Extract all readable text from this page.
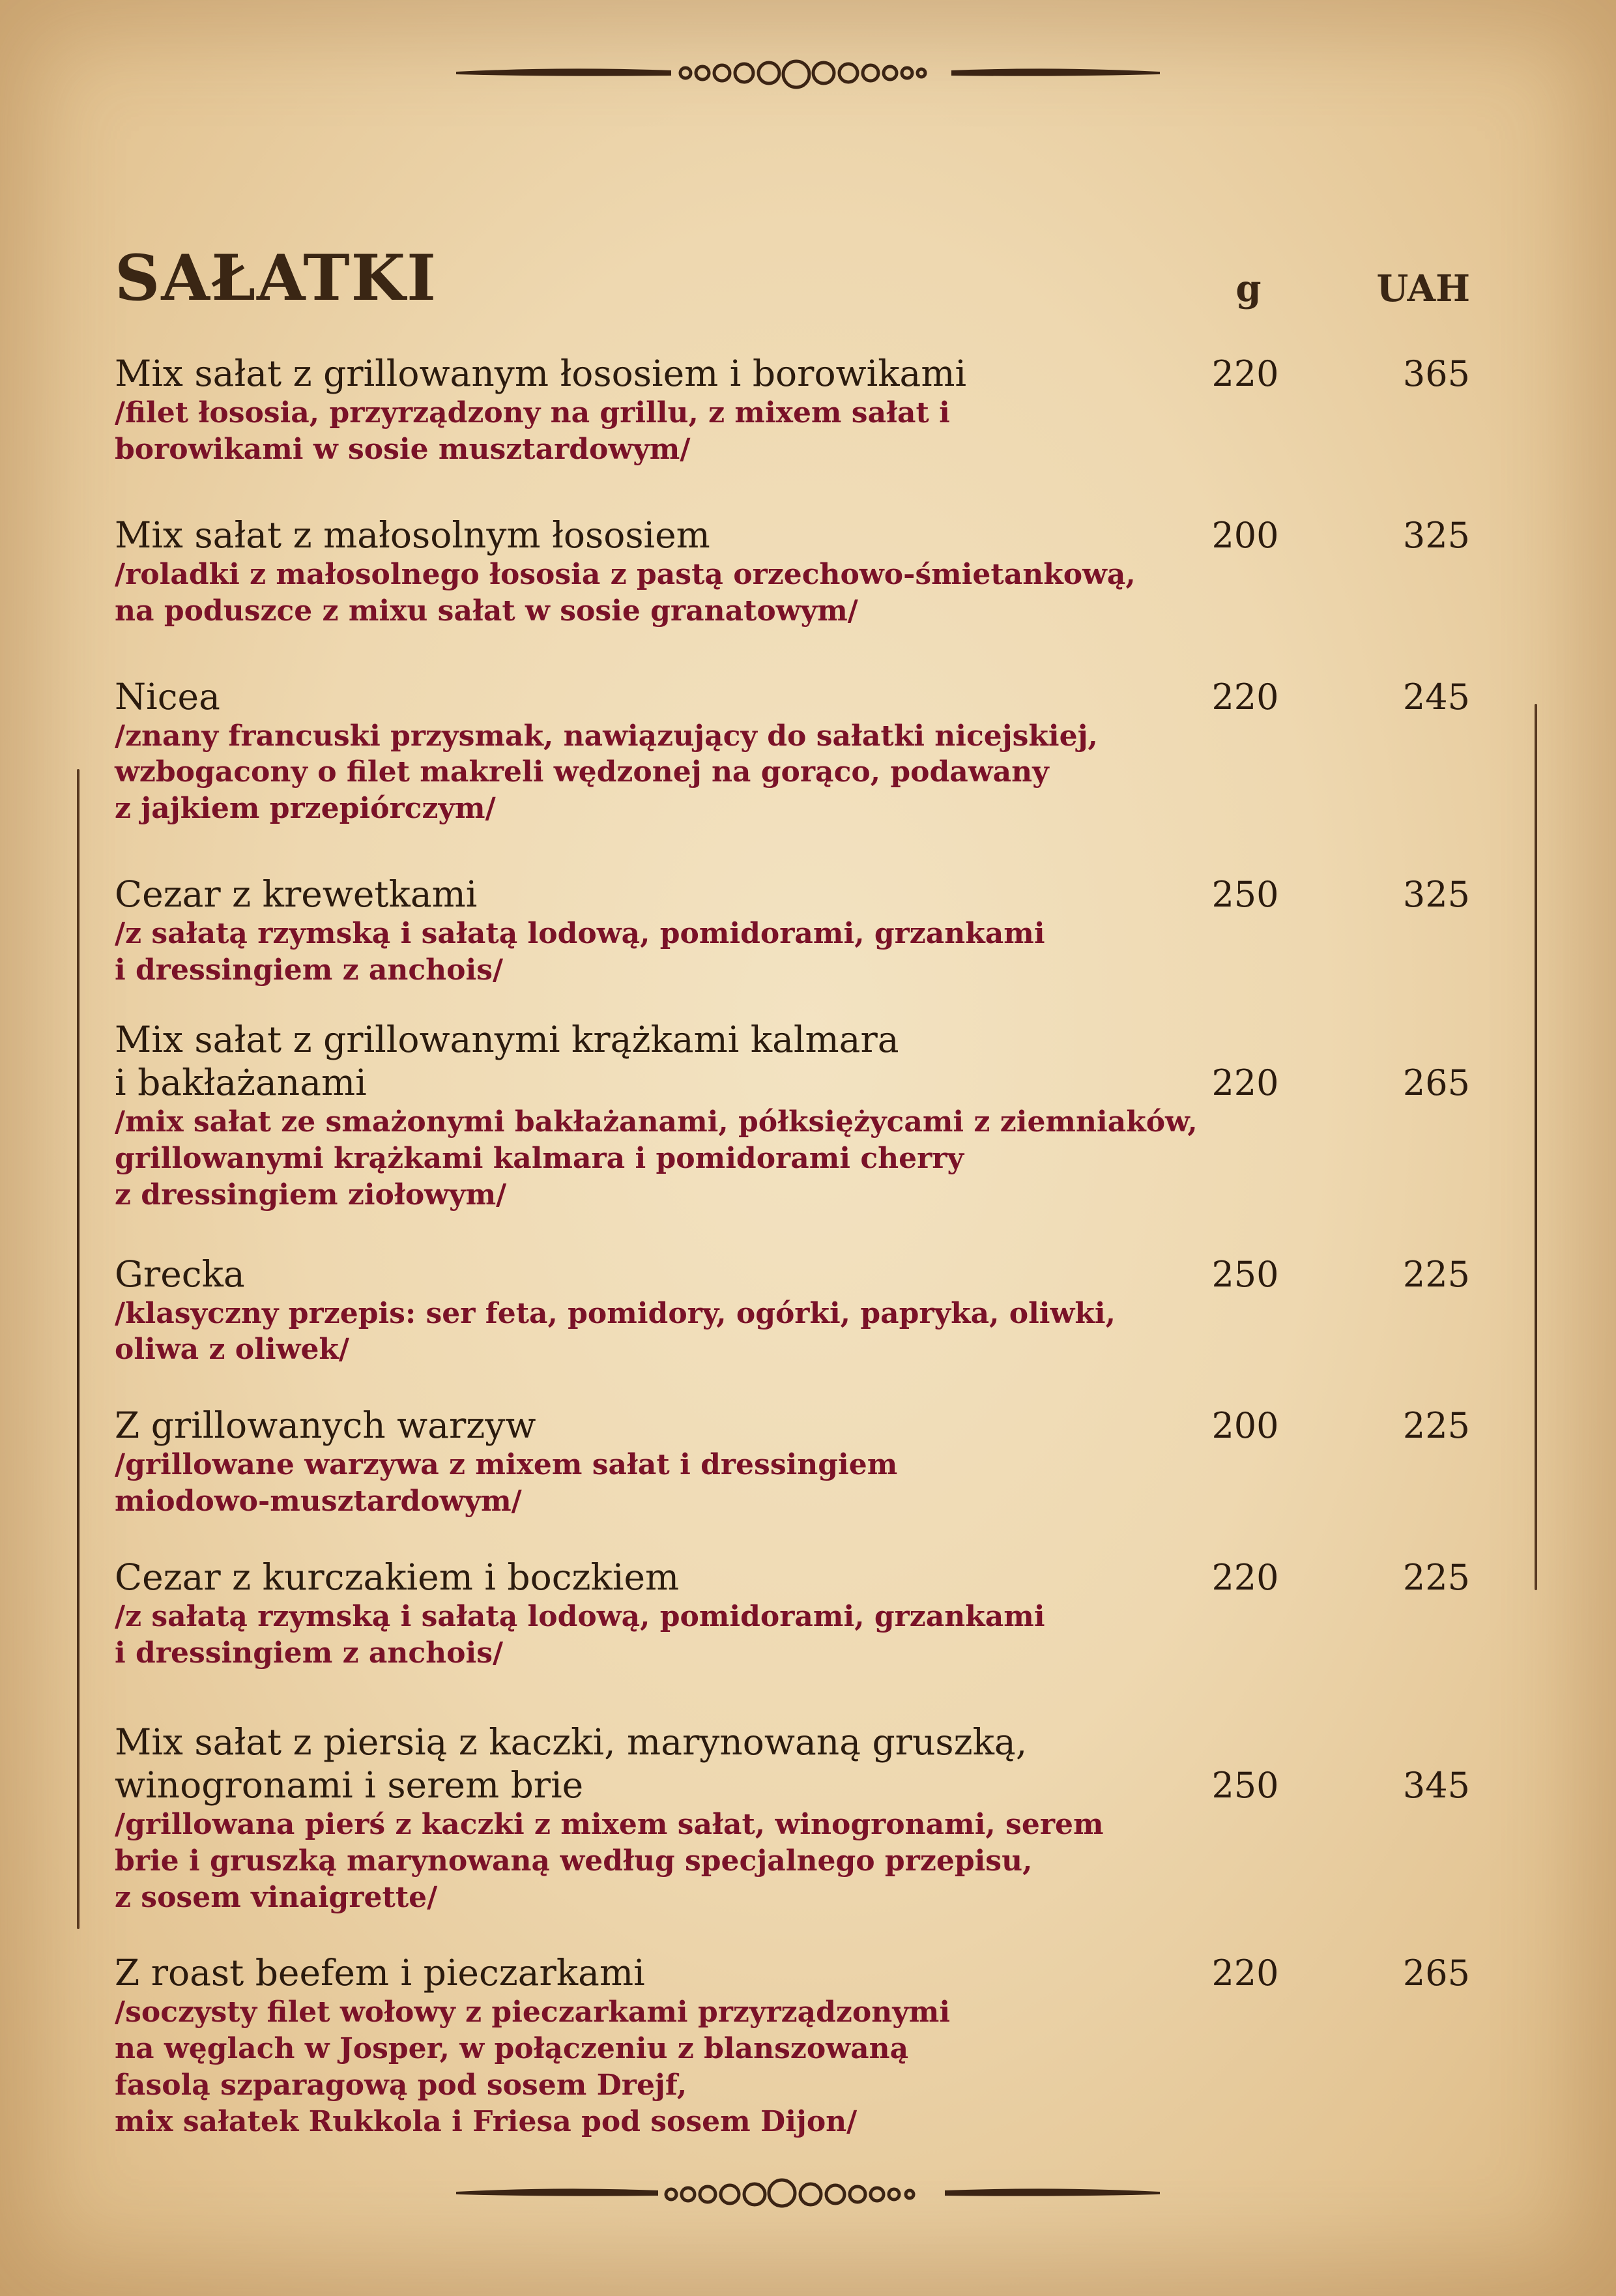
SAŁATKI	g	UAH
Mix sałat z grillowanym łososiem i borowikami
/filet łososia, przyrządzony na grillu, z mixem sałat i
borowikami w sosie musztardowym/
220	365
Mix sałat z małosolnym łososiem
/roladki z małosolnego łososia z pastą orzechowo-śmietankową,
na poduszce z mixu sałat w sosie granatowym/
200	325
Nicea
/znany francuski przysmak, nawiązujący do sałatki nicejskiej,
wzbogacony o filet makreli wędzonej na gorąco, podawany
z jajkiem przepiórczym/
220	245
Cezar z krewetkami
/z sałatą rzymską i sałatą lodową, pomidorami, grzankami
i dressingiem z anchois/
250	325
Mix sałat z grillowanymi krążkami kalmara
i bakłażanami
/mix sałat ze smażonymi bakłażanami, półksiężycami z ziemniaków,
grillowanymi krążkami kalmara i pomidorami cherry
z dressingiem ziołowym/
220	265
Grecka
/klasyczny przepis: ser feta, pomidory, ogórki, papryka, oliwki,
oliwa z oliwek/
250	225
Z grillowanych warzyw
/grillowane warzywa z mixem sałat i dressingiem
miodowo-musztardowym/
200	225
Cezar z kurczakiem i boczkiem
/z sałatą rzymską i sałatą lodową, pomidorami, grzankami
i dressingiem z anchois/
220	225
Mix sałat z piersią z kaczki, marynowaną gruszką,
winogronami i serem brie
/grillowana pierś z kaczki z mixem sałat, winogronami, serem
brie i gruszką marynowaną według specjalnego przepisu,
z sosem vinaigrette/
250	345
Z roast beefem i pieczarkami
/soczysty filet wołowy z pieczarkami przyrządzonymi
na węglach w Josper, w połączeniu z blanszowaną
fasolą szparagową pod sosem Drejf,
mix sałatek Rukkola i Friesa pod sosem Dijon/
220	265
